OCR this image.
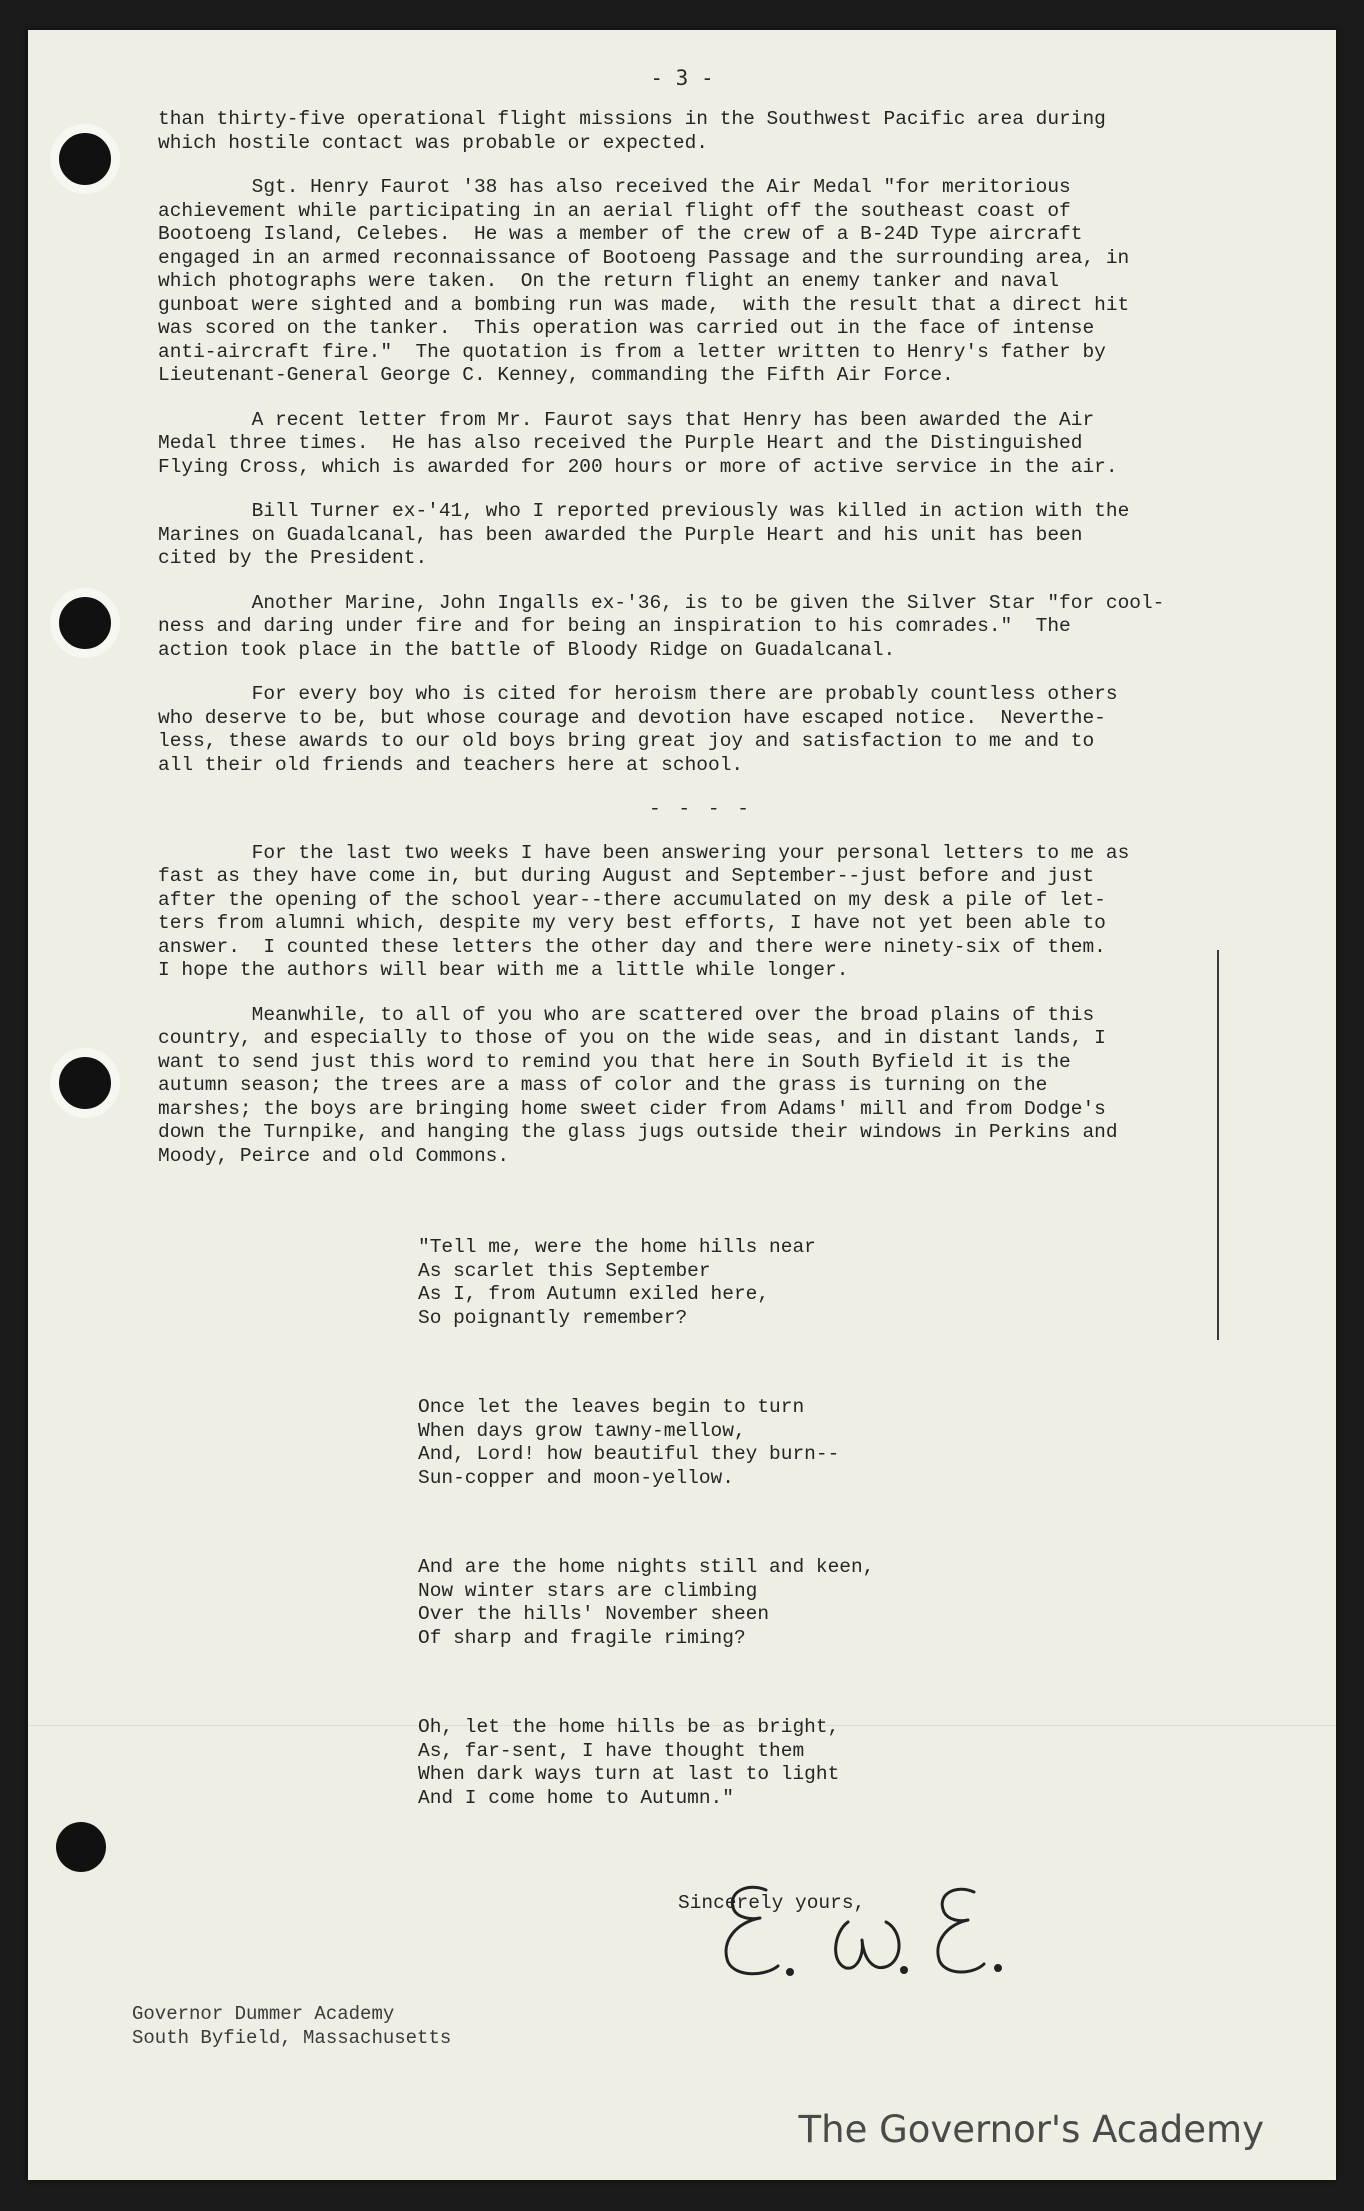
- 3 -

than thirty-five operational flight missions in the Southwest Pacific area during
which hostile contact was probable or expected.

Sgt. Henry Faurot '38 has also received the Air Medal "for meritorious
achievement while participating in an aerial flight off the southeast coast of
Bootoeng Island, Celebes.  He was a member of the crew of a B-24D Type aircraft
engaged in an armed reconnaissance of Bootoeng Passage and the surrounding area, in
which photographs were taken.  On the return flight an enemy tanker and naval
gunboat were sighted and a bombing run was made,  with the result that a direct hit
was scored on the tanker.  This operation was carried out in the face of intense
anti-aircraft fire."  The quotation is from a letter written to Henry's father by
Lieutenant-General George C. Kenney, commanding the Fifth Air Force.

A recent letter from Mr. Faurot says that Henry has been awarded the Air
Medal three times.  He has also received the Purple Heart and the Distinguished
Flying Cross, which is awarded for 200 hours or more of active service in the air.

Bill Turner ex-'41, who I reported previously was killed in action with the
Marines on Guadalcanal, has been awarded the Purple Heart and his unit has been
cited by the President.

Another Marine, John Ingalls ex-'36, is to be given the Silver Star "for cool-
ness and daring under fire and for being an inspiration to his comrades."  The
action took place in the battle of Bloody Ridge on Guadalcanal.

For every boy who is cited for heroism there are probably countless others
who deserve to be, but whose courage and devotion have escaped notice.  Neverthe-
less, these awards to our old boys bring great joy and satisfaction to me and to
all their old friends and teachers here at school.

- - - -

For the last two weeks I have been answering your personal letters to me as
fast as they have come in, but during August and September--just before and just
after the opening of the school year--there accumulated on my desk a pile of let-
ters from alumni which, despite my very best efforts, I have not yet been able to
answer.  I counted these letters the other day and there were ninety-six of them.
I hope the authors will bear with me a little while longer.

Meanwhile, to all of you who are scattered over the broad plains of this
country, and especially to those of you on the wide seas, and in distant lands, I
want to send just this word to remind you that here in South Byfield it is the
autumn season; the trees are a mass of color and the grass is turning on the
marshes; the boys are bringing home sweet cider from Adams' mill and from Dodge's
down the Turnpike, and hanging the glass jugs outside their windows in Perkins and
Moody, Peirce and old Commons.

"Tell me, were the home hills near
As scarlet this September
As I, from Autumn exiled here,
So poignantly remember?

Once let the leaves begin to turn
When days grow tawny-mellow,
And, Lord! how beautiful they burn--
Sun-copper and moon-yellow.

And are the home nights still and keen,
Now winter stars are climbing
Over the hills' November sheen
Of sharp and fragile riming?

Oh, let the home hills be as bright,
As, far-sent, I have thought them
When dark ways turn at last to light
And I come home to Autumn."

Sincerely yours,
Governor Dummer Academy
South Byfield, Massachusetts
The Governor's Academy
